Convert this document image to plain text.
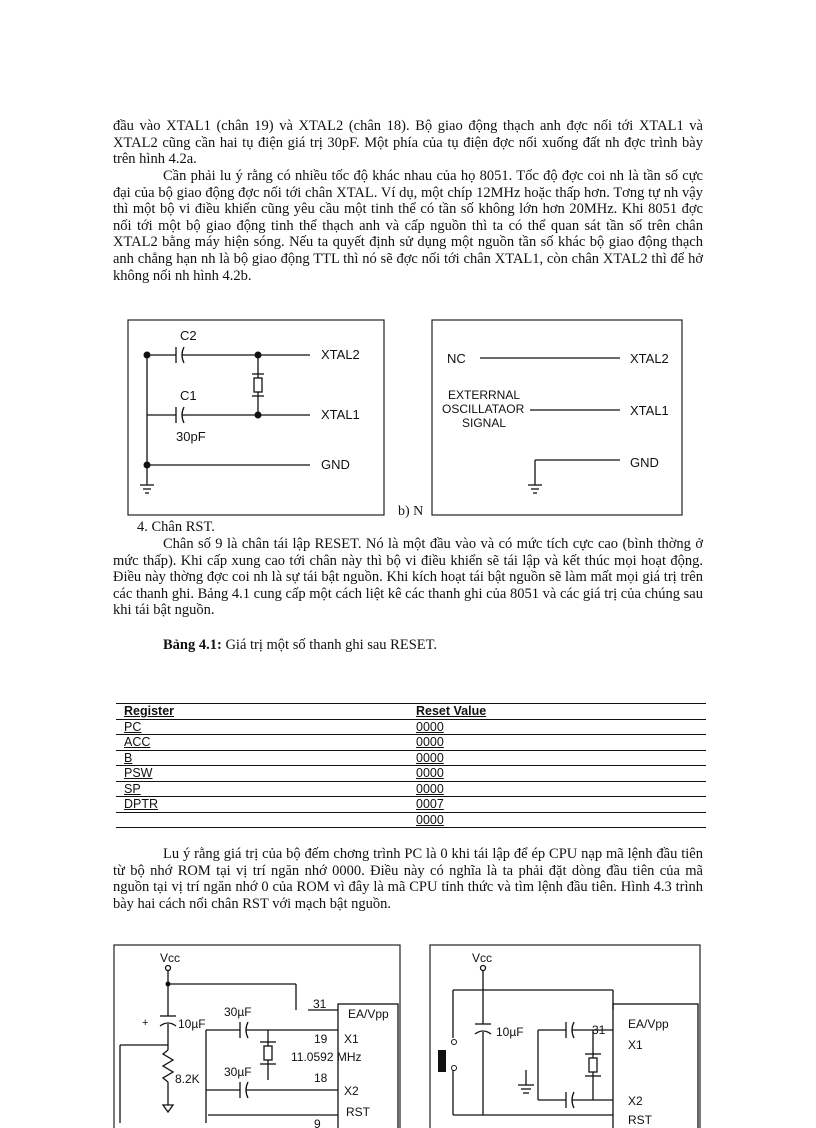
đầu vào XTAL1 (chân 19) và XTAL2 (chân 18). Bộ giao động thạch anh đợc nối tới XTAL1 và XTAL2 cũng cần hai tụ điện giá trị 30pF. Một phía của tụ điện đợc nối xuống đất nh đợc trình bày trên hình 4.2a.

Cần phải lu ý rằng có nhiều tốc độ khác nhau của họ 8051. Tốc độ đợc coi nh là tần số cực đại của bộ giao động đợc nối tới chân XTAL. Ví dụ, một chíp 12MHz hoặc thấp hơn. Tơng tự nh vậy thì một bộ vi điều khiển cũng yêu cầu một tinh thể có tần số không lớn hơn 20MHz. Khi 8051 đợc nối tới một bộ giao động tinh thể thạch anh và cấp nguồn thì ta có thể quan sát tần số trên chân XTAL2 bằng máy hiện sóng. Nếu ta quyết định sử dụng một nguồn tần số khác bộ giao động thạch anh chẳng hạn nh là bộ giao động TTL thì nó sẽ đợc nối tới chân XTAL1, còn chân XTAL2 thì để hở không nối nh hình 4.2b.

C2
C1
30pF
XTAL2
XTAL1
GND
NC
EXTERRNAL
OSCILLATAOR
SIGNAL
XTAL2
XTAL1
GND
b) N

4. Chân RST.

Chân số 9 là chân tái lập RESET. Nó là một đầu vào và có mức tích cực cao (bình thờng ở mức thấp). Khi cấp xung cao tới chân này thì bộ vi điều khiển sẽ tái lập và kết thúc mọi hoạt động. Điều này thờng đợc coi nh là sự tái bật nguồn. Khi kích hoạt tái bật nguồn sẽ làm mất mọi giá trị trên các thanh ghi. Bảng 4.1 cung cấp một cách liệt kê các thanh ghi của 8051 và các giá trị của chúng sau khi tái bật nguồn.

Bảng 4.1: Giá trị một số thanh ghi sau RESET.
Register	Reset Value
PC	0000
ACC	0000
B	0000
PSW	0000
SP	0000
DPTR	0007
	0000

Lu ý rằng giá trị của bộ đếm chơng trình PC là 0 khi tái lập để ép CPU nạp mã lệnh đầu tiên từ bộ nhớ ROM tại vị trí ngăn nhớ 0000. Điều này có nghĩa là ta phải đặt dòng đầu tiên của mã nguồn tại vị trí ngăn nhớ 0 của ROM vì đây là mã CPU tỉnh thức và tìm lệnh đầu tiên. Hình 4.3 trình bày hai cách nối chân RST với mạch bật nguồn.

Vcc
+ 10µF
8.2K
30µF
30µF
31
EA/Vpp
19 X1
11.0592 MHz
18
X2
RST
9
Vcc
10µF	31 EA/Vpp
X1
X2
RST
